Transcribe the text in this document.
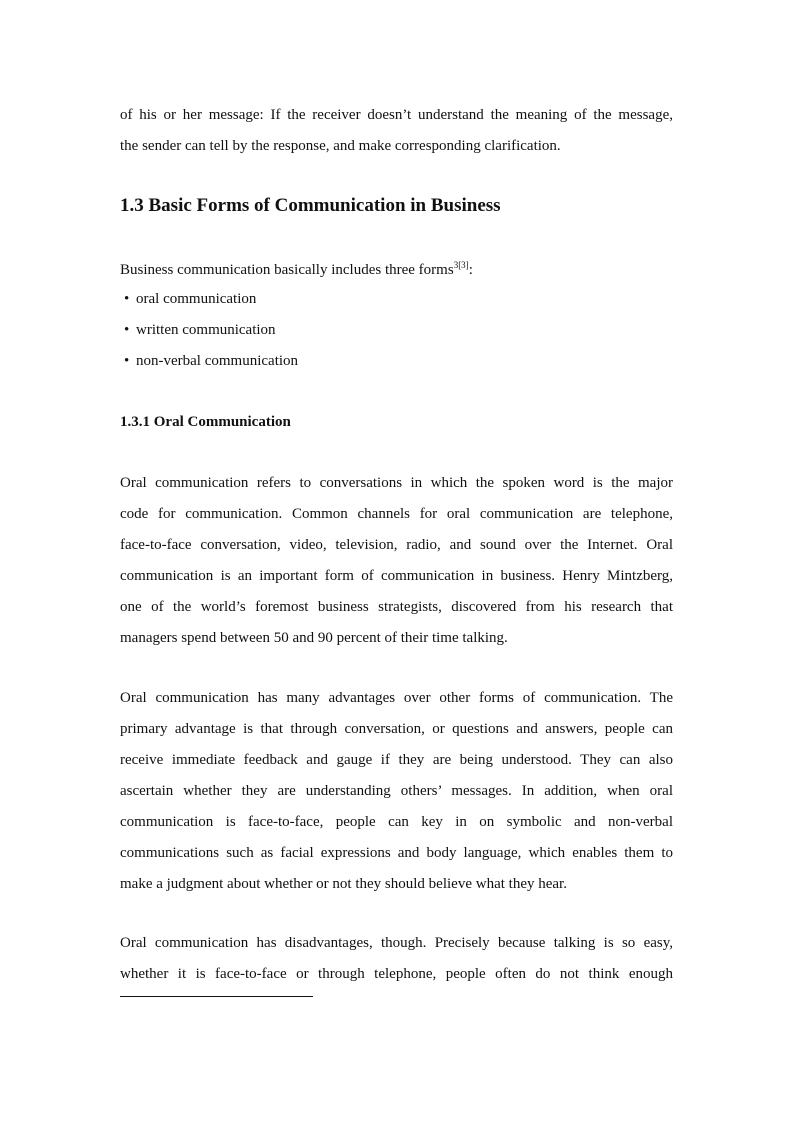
of his or her message: If the receiver doesn’t understand the meaning of the message,
the sender can tell by the response, and make corresponding clarification.
1.3 Basic Forms of Communication in Business

Business communication basically includes three forms$^{3[3]}$:

• oral communication
• written communication
• non-verbal communication
1.3.1 Oral Communication
Oral communication refers to conversations in which the spoken word is the major
code for communication. Common channels for oral communication are telephone,
face-to-face conversation, video, television, radio, and sound over the Internet. Oral
communication is an important form of communication in business. Henry Mintzberg,
one of the world’s foremost business strategists, discovered from his research that
managers spend between 50 and 90 percent of their time talking.
Oral communication has many advantages over other forms of communication. The
primary advantage is that through conversation, or questions and answers, people can
receive immediate feedback and gauge if they are being understood. They can also
ascertain whether they are understanding others’ messages. In addition, when oral
communication is face-to-face, people can key in on symbolic and non-verbal
communications such as facial expressions and body language, which enables them to
make a judgment about whether or not they should believe what they hear.
Oral communication has disadvantages, though. Precisely because talking is so easy,
whether it is face-to-face or through telephone, people often do not think enough
